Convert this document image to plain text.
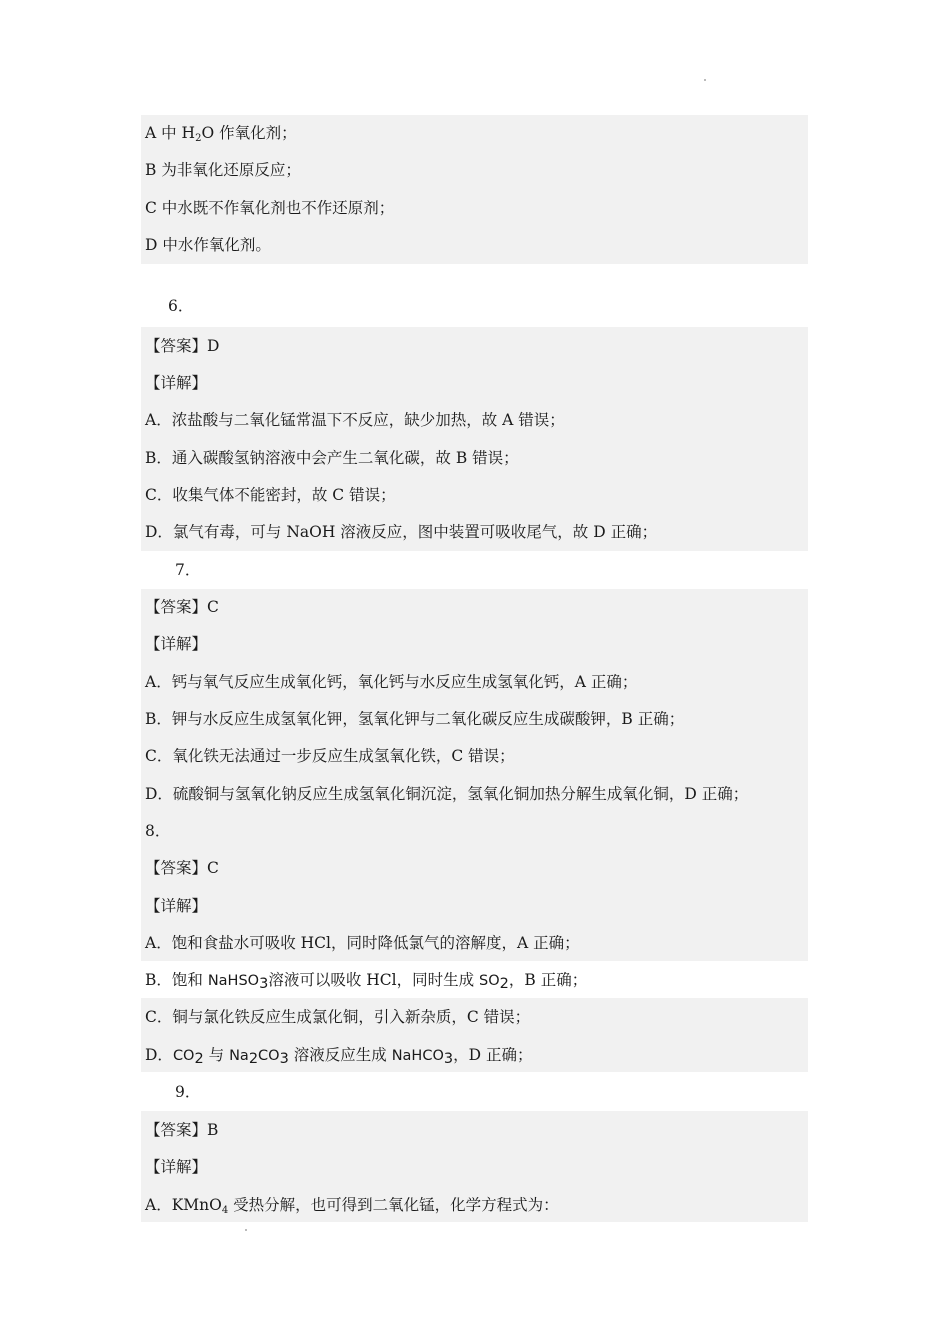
A 中 $H_2O$ 作氧化剂；
B 为非氧化还原反应；
C 中水既不作氧化剂也不作还原剂；
D 中水作氧化剂。
6．
【答案】D
【详解】
A．浓盐酸与二氧化锰常温下不反应，缺少加热，故 A 错误；
B．通入碳酸氢钠溶液中会产生二氧化碳，故 B 错误；
C．收集气体不能密封，故 C 错误；
D．氯气有毒，可与 NaOH 溶液反应，图中装置可吸收尾气，故 D 正确；
7．
【答案】C
【详解】
A．钙与氧气反应生成氧化钙，氧化钙与水反应生成氢氧化钙，A 正确；
B．钾与水反应生成氢氧化钾，氢氧化钾与二氧化碳反应生成碳酸钾，B 正确；
C．氧化铁无法通过一步反应生成氢氧化铁，C 错误；
D．硫酸铜与氢氧化钠反应生成氢氧化铜沉淀，氢氧化铜加热分解生成氧化铜，D 正确；
8．
【答案】C
【详解】
A．饱和食盐水可吸收 HCl，同时降低氯气的溶解度，A 正确；
B．饱和 NaHSO$_3$溶液可以吸收 HCl，同时生成 $SO_2$，B 正确；
C．铜与氯化铁反应生成氯化铜，引入新杂质，C 错误；
D．$CO_2$ 与 $Na_2CO_3$ 溶液反应生成 NaHCO$_3$，D 正确；
9．
【答案】B
【详解】
A．KMnO$_4$ 受热分解，也可得到二氧化锰，化学方程式为：
